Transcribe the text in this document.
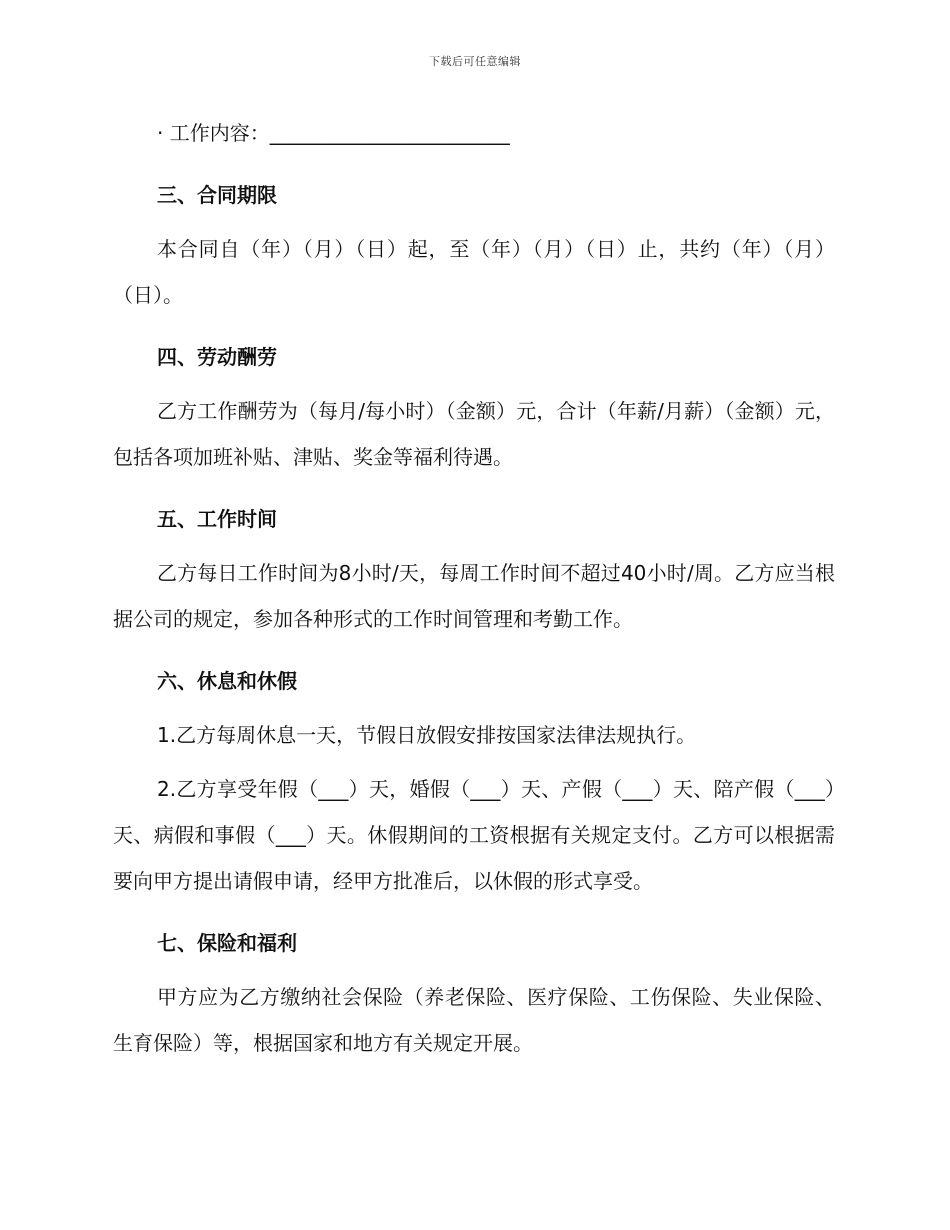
下载后可任意编辑
· 工作内容：________________________
三、合同期限

本合同自（年）（月）（日）起，至（年）（月）（日）止，共约（年）（月）（日）。

四、劳动酬劳

乙方工作酬劳为（每月/每小时）（金额）元，合计（年薪/月薪）（金额）元，包括各项加班补贴、津贴、奖金等福利待遇。

五、工作时间

乙方每日工作时间为8小时/天，每周工作时间不超过40小时/周。乙方应当根据公司的规定，参加各种形式的工作时间管理和考勤工作。

六、休息和休假

1.乙方每周休息一天，节假日放假安排按国家法律法规执行。

2.乙方享受年假（___）天，婚假（___）天、产假（___）天、陪产假（___）天、病假和事假（___）天。休假期间的工资根据有关规定支付。乙方可以根据需要向甲方提出请假申请，经甲方批准后，以休假的形式享受。

七、保险和福利

甲方应为乙方缴纳社会保险（养老保险、医疗保险、工伤保险、失业保险、生育保险）等，根据国家和地方有关规定开展。
